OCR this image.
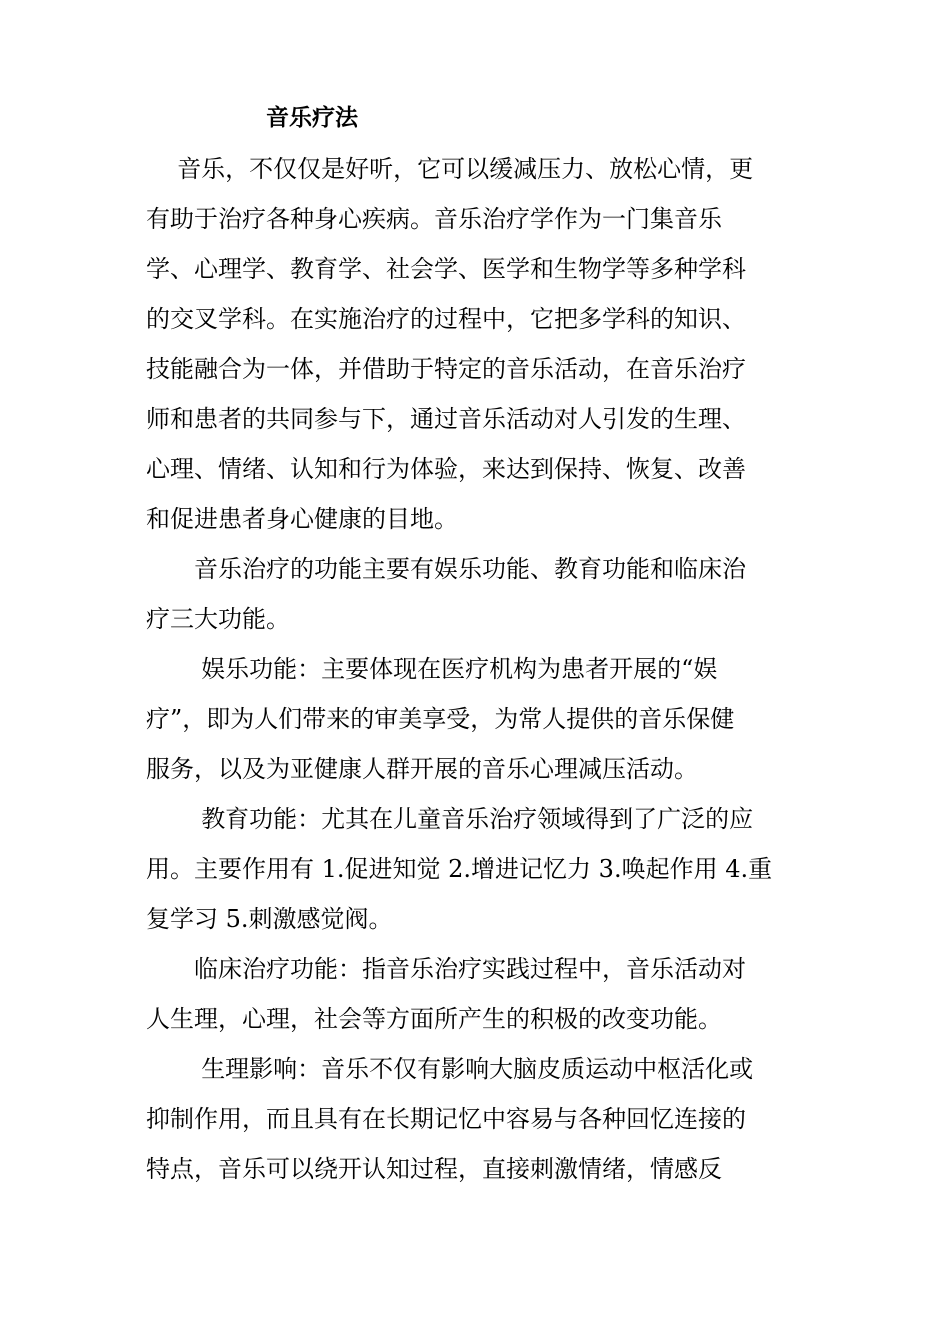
音乐疗法
音乐，不仅仅是好听，它可以缓减压力、放松心情，更
有助于治疗各种身心疾病。音乐治疗学作为一门集音乐
学、心理学、教育学、社会学、医学和生物学等多种学科
的交叉学科。在实施治疗的过程中，它把多学科的知识、
技能融合为一体，并借助于特定的音乐活动，在音乐治疗
师和患者的共同参与下，通过音乐活动对人引发的生理、
心理、情绪、认知和行为体验，来达到保持、恢复、改善
和促进患者身心健康的目地。
音乐治疗的功能主要有娱乐功能、教育功能和临床治
疗三大功能。
娱乐功能：主要体现在医疗机构为患者开展的“娱
疗”，即为人们带来的审美享受，为常人提供的音乐保健
服务，以及为亚健康人群开展的音乐心理减压活动。
教育功能：尤其在儿童音乐治疗领域得到了广泛的应
用。主要作用有 1.促进知觉 2.增进记忆力 3.唤起作用 4.重
复学习 5.刺激感觉阀。
临床治疗功能：指音乐治疗实践过程中，音乐活动对
人生理，心理，社会等方面所产生的积极的改变功能。
生理影响：音乐不仅有影响大脑皮质运动中枢活化或
抑制作用，而且具有在长期记忆中容易与各种回忆连接的
特点，音乐可以绕开认知过程，直接刺激情绪，情感反
